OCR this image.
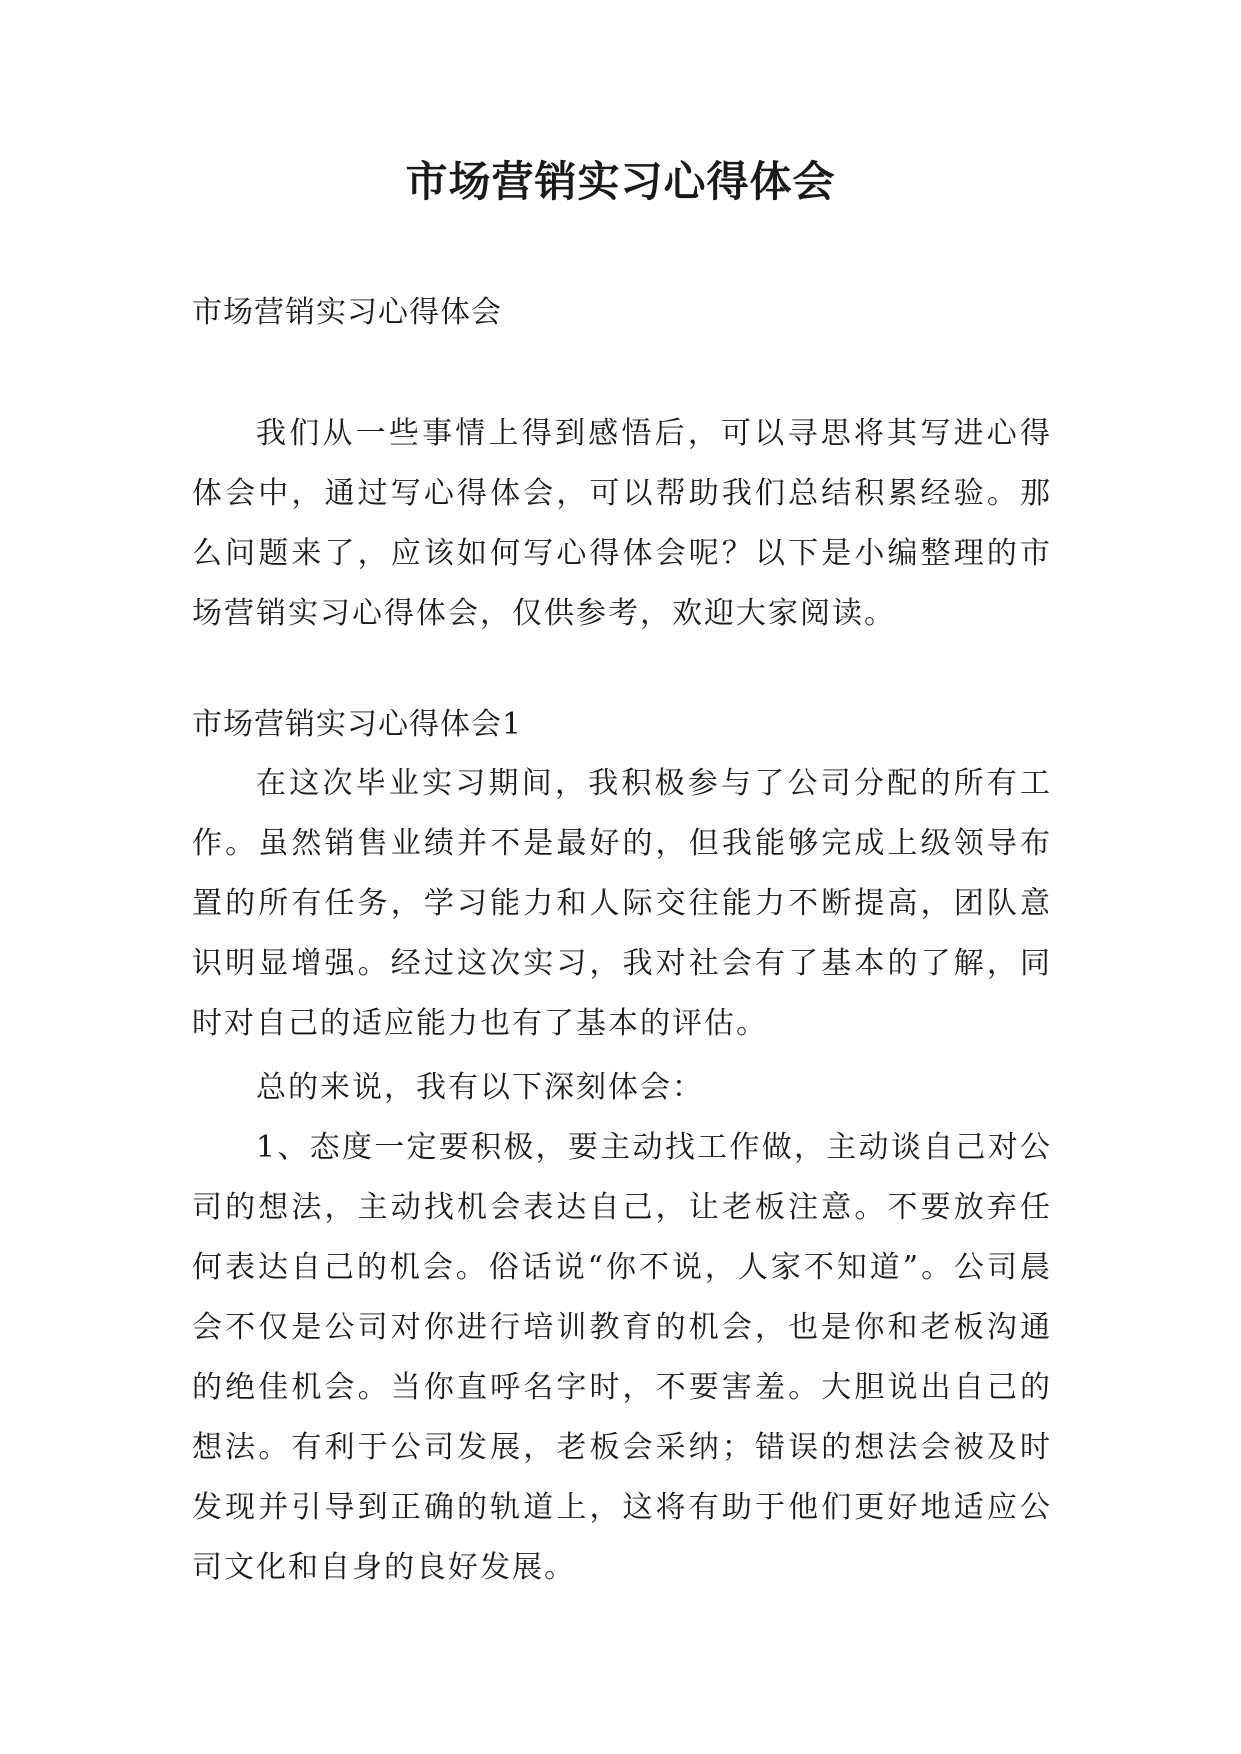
市场营销实习心得体会
市场营销实习心得体会

我们从一些事情上得到感悟后，可以寻思将其写进心得体会中，通过写心得体会，可以帮助我们总结积累经验。那么问题来了，应该如何写心得体会呢？以下是小编整理的市场营销实习心得体会，仅供参考，欢迎大家阅读。

市场营销实习心得体会1

在这次毕业实习期间，我积极参与了公司分配的所有工作。虽然销售业绩并不是最好的，但我能够完成上级领导布置的所有任务，学习能力和人际交往能力不断提高，团队意识明显增强。经过这次实习，我对社会有了基本的了解，同时对自己的适应能力也有了基本的评估。

总的来说，我有以下深刻体会：

1、态度一定要积极，要主动找工作做，主动谈自己对公司的想法，主动找机会表达自己，让老板注意。不要放弃任何表达自己的机会。俗话说“你不说，人家不知道”。公司晨会不仅是公司对你进行培训教育的机会，也是你和老板沟通的绝佳机会。当你直呼名字时，不要害羞。大胆说出自己的想法。有利于公司发展，老板会采纳；错误的想法会被及时发现并引导到正确的轨道上，这将有助于他们更好地适应公司文化和自身的良好发展。
